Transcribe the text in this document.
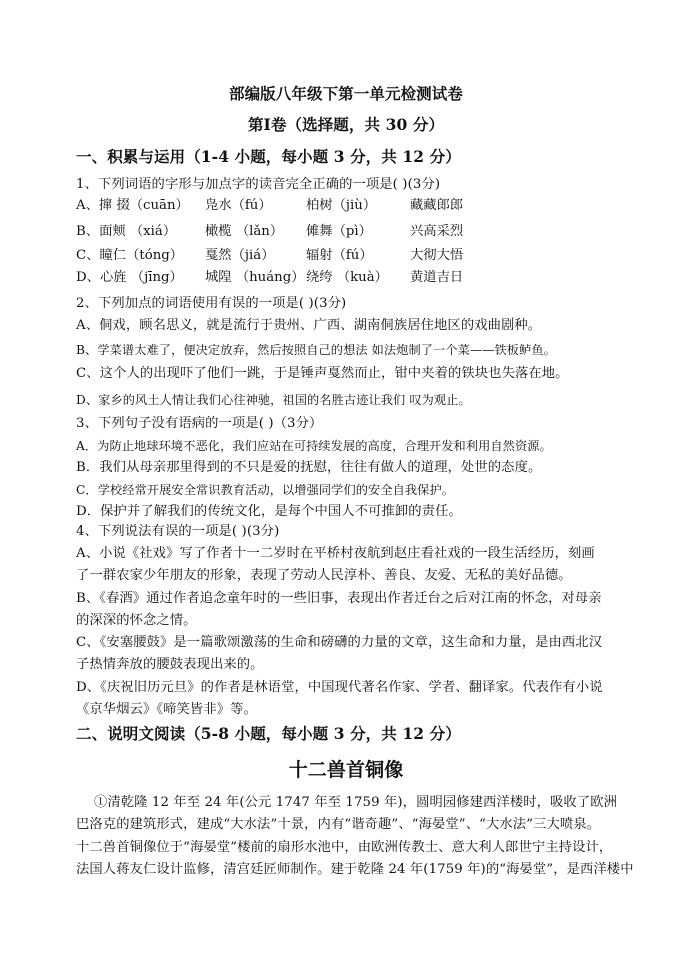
部编版八年级下第一单元检测试卷
第Ⅰ卷（选择题，共 30 分）
一、积累与运用（1-4 小题，每小题 3 分，共 12 分）
1、下列词语的字形与加点字的读音完全正确的一项是( )(3分)
A、撺 掇（cuān） 凫水（fú）	柏树（jiù）	藏藏郎郎
B、面颊 （xiá） 橄榄 （lǎn） 傩舞（pì）	兴高采烈
C、瞳仁（tóng） 戛然（jiá） 辐射（fú）	大彻大悟
D、心旌 （jīng） 城隍 （huáng） 绕绔 （kuà） 黄道吉日
2、下列加点的词语使用有误的一项是( )(3分)
A、侗戏，顾名思义，就是流行于贵州、广西、湖南侗族居住地区的戏曲剧种。
B、学菜谱太难了，便决定放弃，然后按照自己的想法 如法炮制了一个菜——铁板鲈鱼。
C、这个人的出现吓了他们一跳，于是锤声戛然而止，钳中夹着的铁块也失落在地。
D、家乡的风土人情让我们心往神驰，祖国的名胜古迹让我们 叹为观止。
3、下列句子没有语病的一项是( )（3分）
A．为防止地球环境不恶化，我们应站在可持续发展的高度，合理开发和利用自然资源。
B．我们从母亲那里得到的不只是爱的抚慰，往往有做人的道理，处世的态度。
C．学校经常开展安全常识教育活动，以增强同学们的安全自我保护。
D．保护并了解我们的传统文化，是每个中国人不可推卸的责任。
4、下列说法有误的一项是( )(3分)
A、小说《社戏》写了作者十一二岁时在平桥村夜航到赵庄看社戏的一段生活经历，刻画
了一群农家少年朋友的形象，表现了劳动人民淳朴、善良、友爱、无私的美好品德。
B、《春酒》通过作者追念童年时的一些旧事，表现出作者迁台之后对江南的怀念，对母亲
的深深的怀念之情。
C、《安塞腰鼓》是一篇歌颂激荡的生命和磅礴的力量的文章，这生命和力量，是由西北汉
子热情奔放的腰鼓表现出来的。
D、《庆祝旧历元旦》的作者是林语堂，中国现代著名作家、学者、翻译家。代表作有小说
《京华烟云》《啼笑皆非》等。
二、说明文阅读（5-8 小题，每小题 3 分，共 12 分）
十二兽首铜像
①清乾隆 12 年至 24 年(公元 1747 年至 1759 年)，圆明园修建西洋楼时，吸收了欧洲
巴洛克的建筑形式，建成“大水法”十景，内有“谐奇趣”、“海晏堂”、“大水法”三大喷泉。
十二兽首铜像位于“海晏堂”楼前的扇形水池中，由欧洲传教士、意大利人郎世宁主持设计，
法国人蒋友仁设计监修，清宫廷匠师制作。建于乾隆 24 年(1759 年)的“海晏堂”，是西洋楼中
